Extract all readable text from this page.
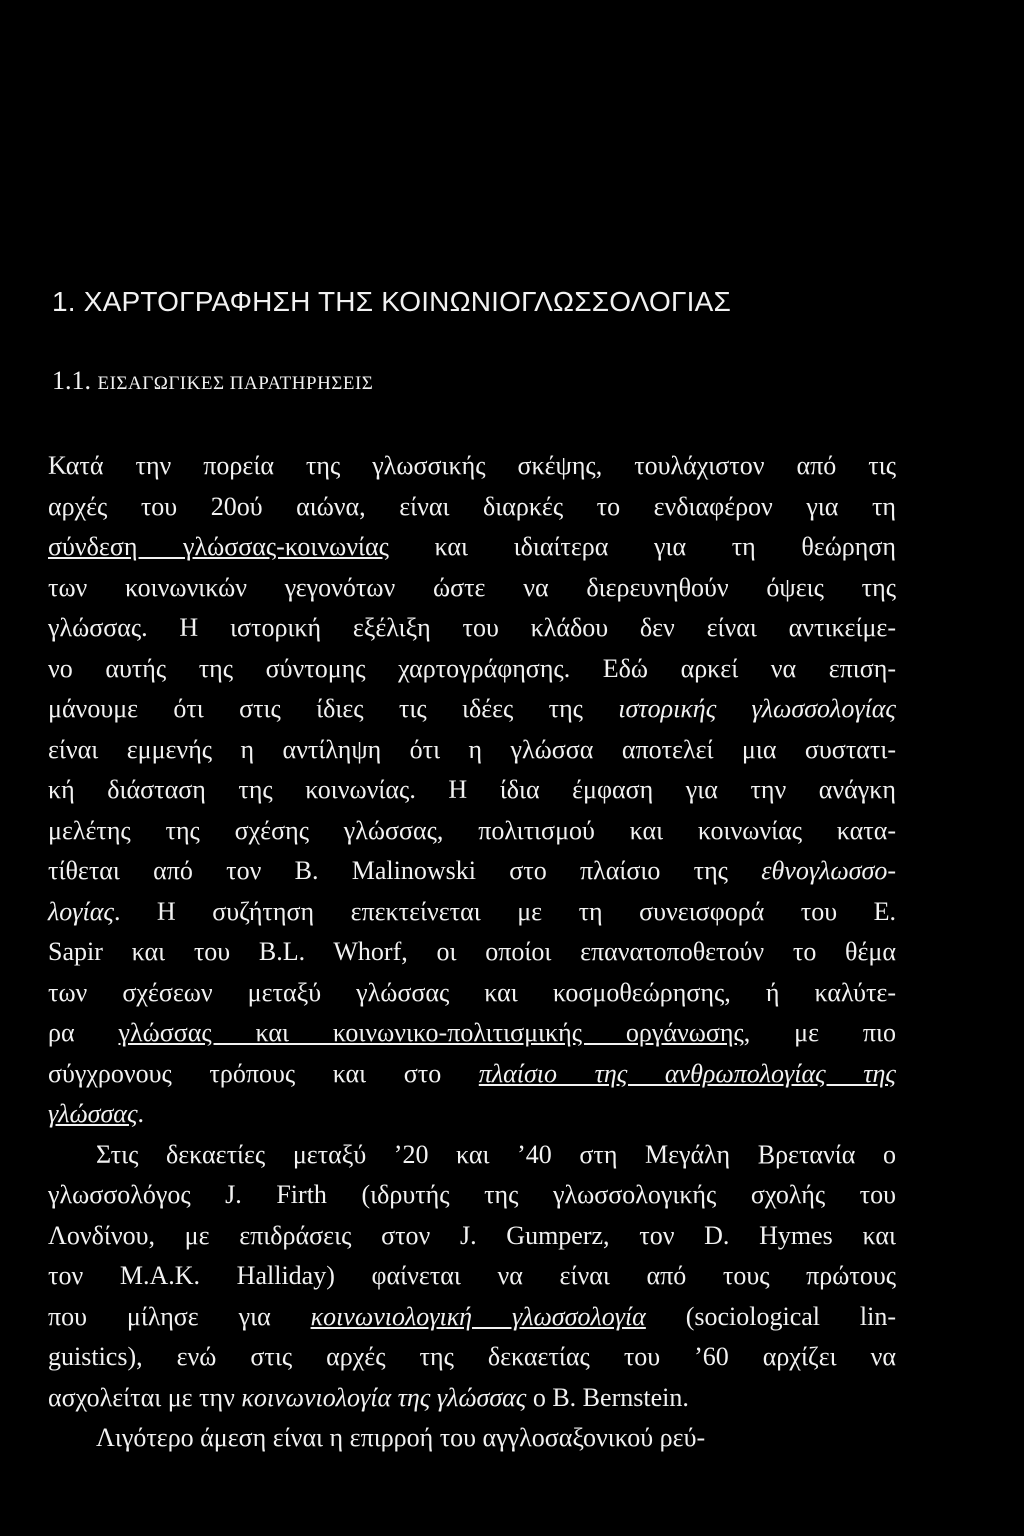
1. ΧΑΡΤΟΓΡΑΦΗΣΗ ΤΗΣ ΚΟΙΝΩΝΙΟΓΛΩΣΣΟΛΟΓΙΑΣ
1.1. ΕΙΣΑΓΩΓΙΚΕΣ ΠΑΡΑΤΗΡΗΣΕΙΣ
Κατά την πορεία της γλωσσικής σκέψης, τουλάχιστον από τις
αρχές του 20ού αιώνα, είναι διαρκές το ενδιαφέρον για τη
σύνδεση γλώσσας-κοινωνίας και ιδιαίτερα για τη θεώρηση
των κοινωνικών γεγονότων ώστε να διερευνηθούν όψεις της
γλώσσας. Η ιστορική εξέλιξη του κλάδου δεν είναι αντικείμε-
νο αυτής της σύντομης χαρτογράφησης. Εδώ αρκεί να επιση-
μάνουμε ότι στις ίδιες τις ιδέες της ιστορικής γλωσσολογίας
είναι εμμενής η αντίληψη ότι η γλώσσα αποτελεί μια συστατι-
κή διάσταση της κοινωνίας. Η ίδια έμφαση για την ανάγκη
μελέτης της σχέσης γλώσσας, πολιτισμού και κοινωνίας κατα-
τίθεται από τον B. Malinowski στο πλαίσιο της εθνογλωσσο-
λογίας. Η συζήτηση επεκτείνεται με τη συνεισφορά του E.
Sapir και του B.L. Whorf, οι οποίοι επανατοποθετούν το θέμα
των σχέσεων μεταξύ γλώσσας και κοσμοθεώρησης, ή καλύτε-
ρα γλώσσας και κοινωνικο-πολιτισμικής οργάνωσης, με πιο
σύγχρονους τρόπους και στο πλαίσιο της ανθρωπολογίας της
γλώσσας.
Στις δεκαετίες μεταξύ ’20 και ’40 στη Μεγάλη Βρετανία ο
γλωσσολόγος J. Firth (ιδρυτής της γλωσσολογικής σχολής του
Λονδίνου, με επιδράσεις στον J. Gumperz, τον D. Hymes και
τον M.A.K. Halliday) φαίνεται να είναι από τους πρώτους
που μίλησε για κοινωνιολογική γλωσσολογία (sociological lin-
guistics), ενώ στις αρχές της δεκαετίας του ’60 αρχίζει να
ασχολείται με την κοινωνιολογία της γλώσσας ο B. Bernstein.
Λιγότερο άμεση είναι η επιρροή του αγγλοσαξονικού ρεύ-
